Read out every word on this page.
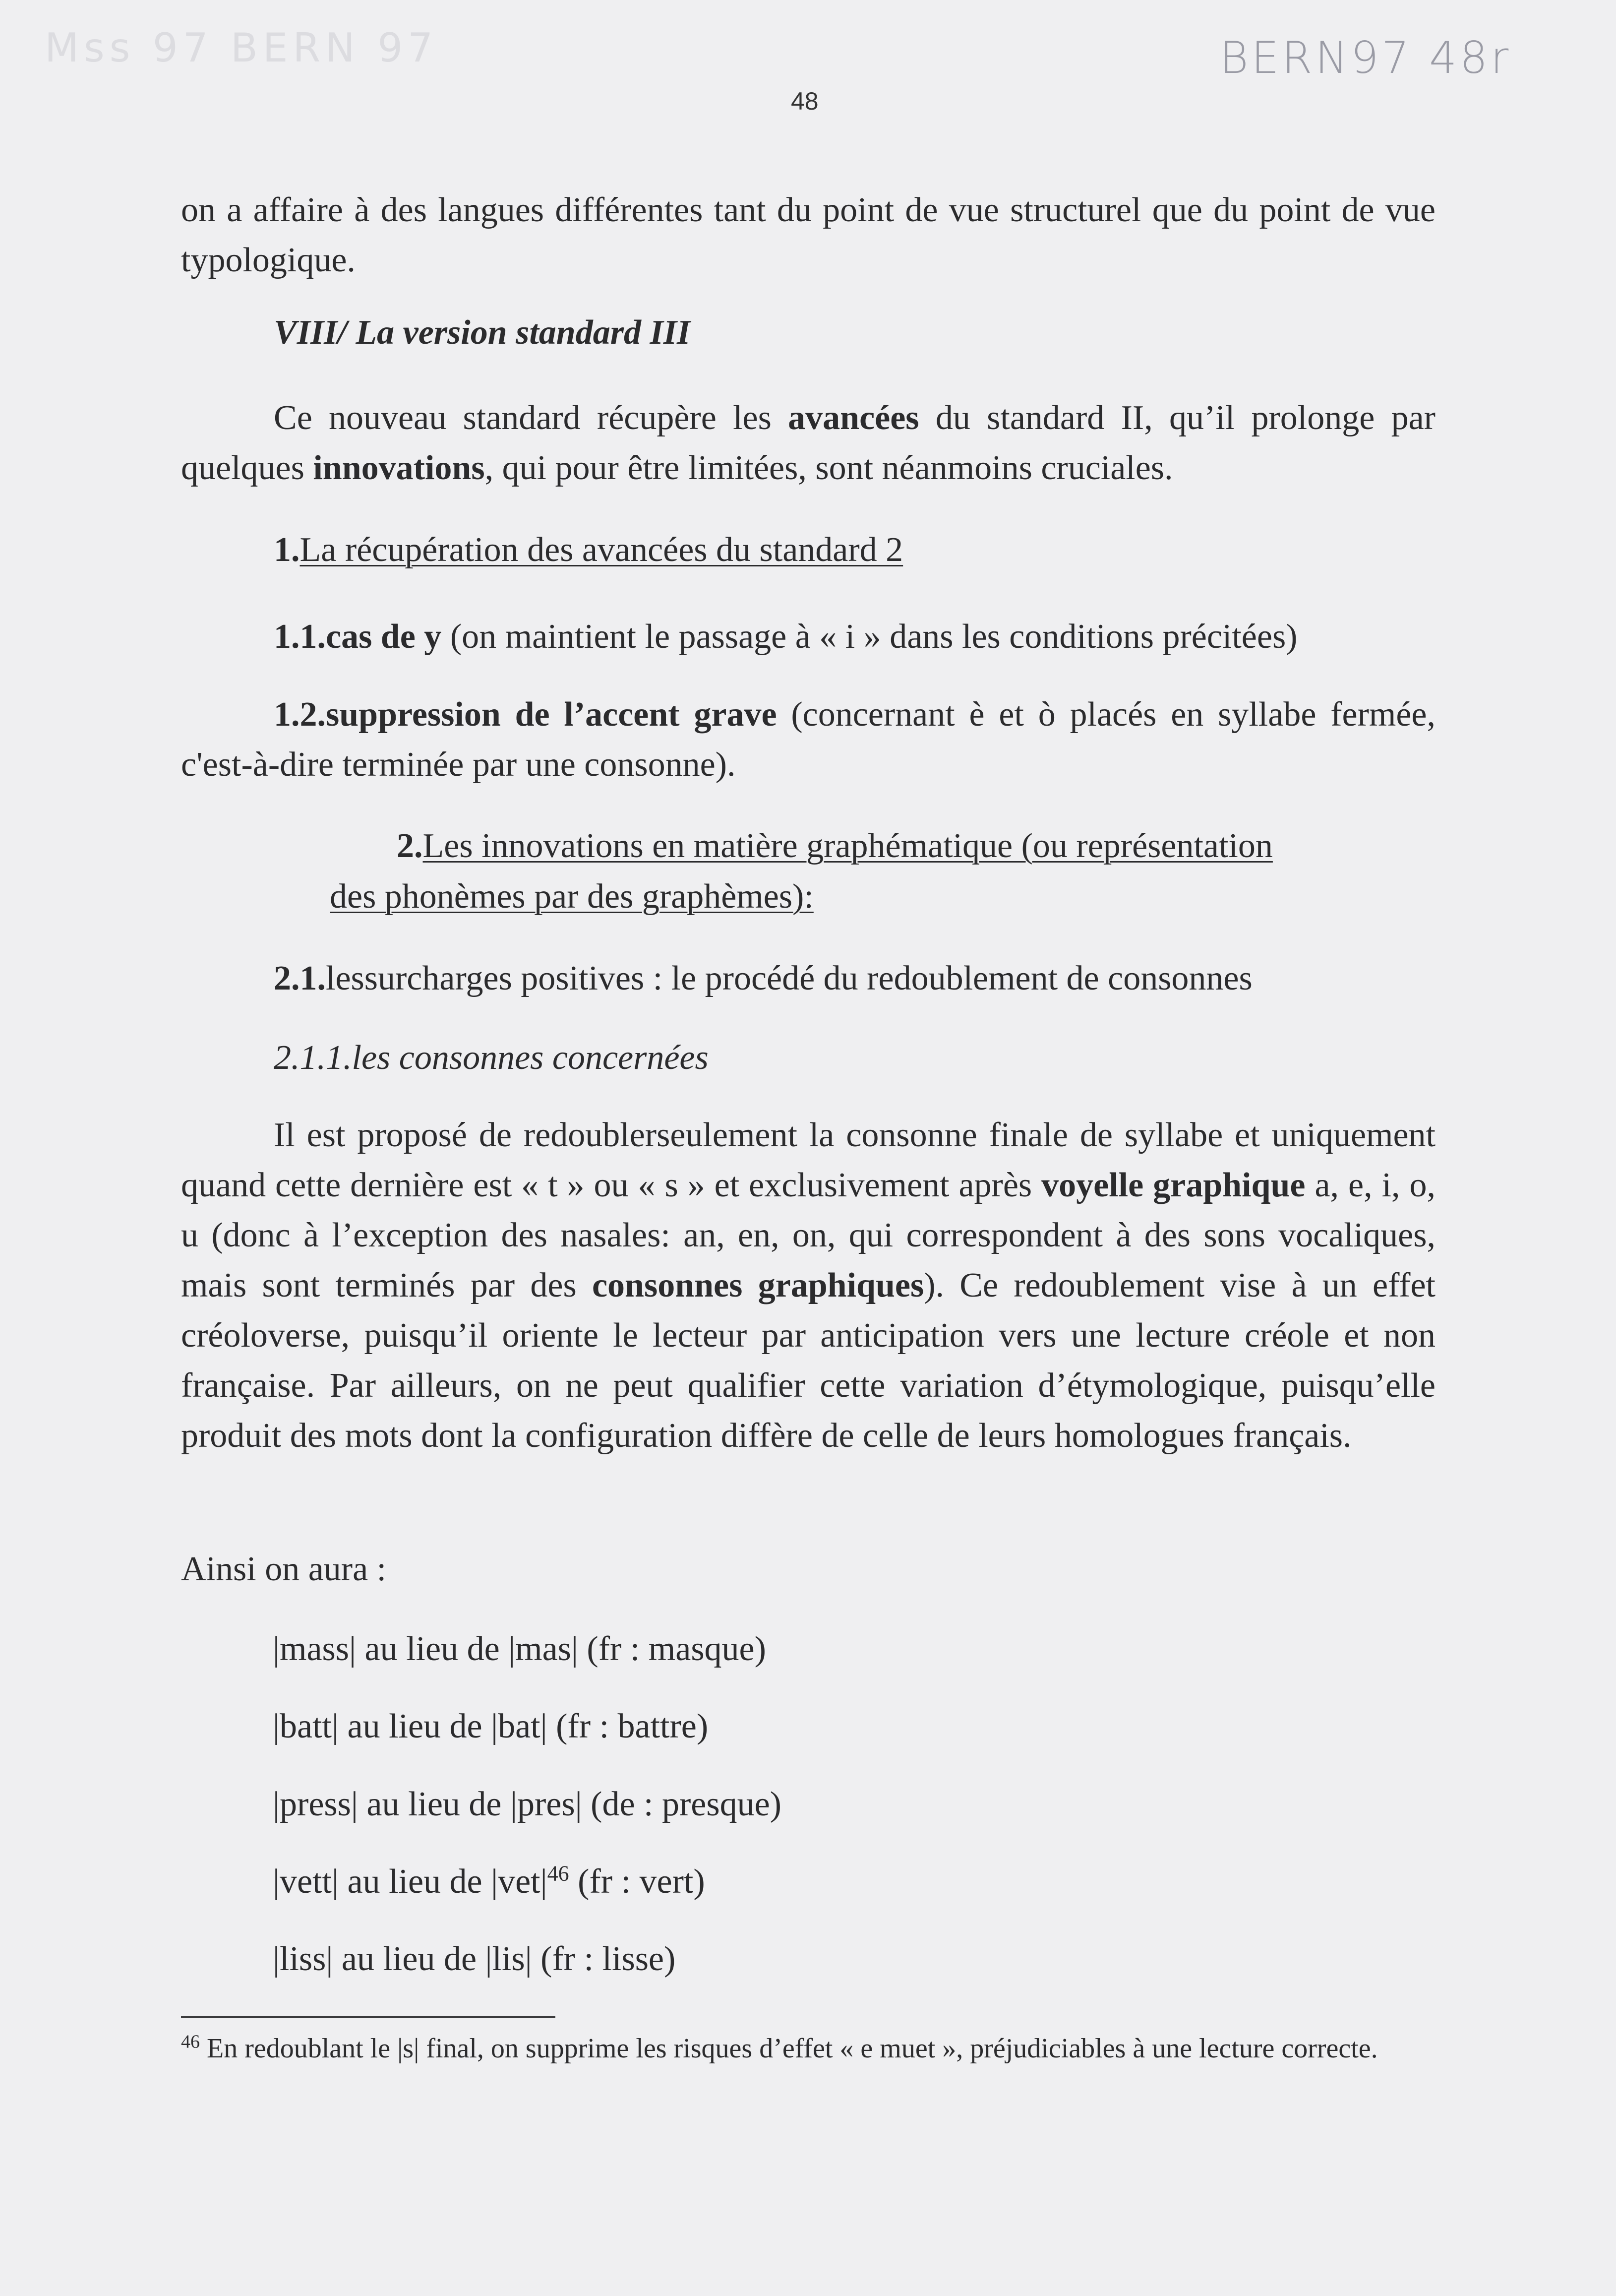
Mss 97 BERN 97	BERN97 48r
48
on a affaire à des langues différentes tant du point de vue structurel que du point de vue typologique.
VIII/ La version standard III
Ce nouveau standard récupère les avancées du standard II, qu’il prolonge par quelques innovations, qui pour être limitées, sont néanmoins cruciales.
1.La récupération des avancées du standard 2
1.1.cas de y (on maintient le passage à « i » dans les conditions précitées)
1.2.suppression de l’accent grave (concernant è et ò placés en syllabe fermée, c'est-à-dire terminée par une consonne).
2.Les innovations en matière graphématique (ou représentation
des phonèmes par des graphèmes):
2.1.lessurcharges positives : le procédé du redoublement de consonnes
2.1.1.les consonnes concernées
Il est proposé de redoublerseulement la consonne finale de syllabe et uniquement quand cette dernière est « t » ou « s » et exclusivement après voyelle graphique a, e, i, o, u (donc à l’exception des nasales: an, en, on, qui correspondent à des sons vocaliques, mais sont terminés par des consonnes graphiques). Ce redoublement vise à un effet créoloverse, puisqu’il oriente le lecteur par anticipation vers une lecture créole et non française. Par ailleurs, on ne peut qualifier cette variation d’étymologique, puisqu’elle produit des mots dont la configuration diffère de celle de leurs homologues français.
Ainsi on aura :
|mass| au lieu de |mas| (fr : masque)
|batt| au lieu de |bat| (fr : battre)
|press| au lieu de |pres| (de : presque)
|vett| au lieu de $|vet|^{46}$ (fr : vert)
|liss| au lieu de |lis| (fr : lisse)
$^{46}$ En redoublant le |s| final, on supprime les risques d’effet « e muet », préjudiciables à une lecture correcte.
